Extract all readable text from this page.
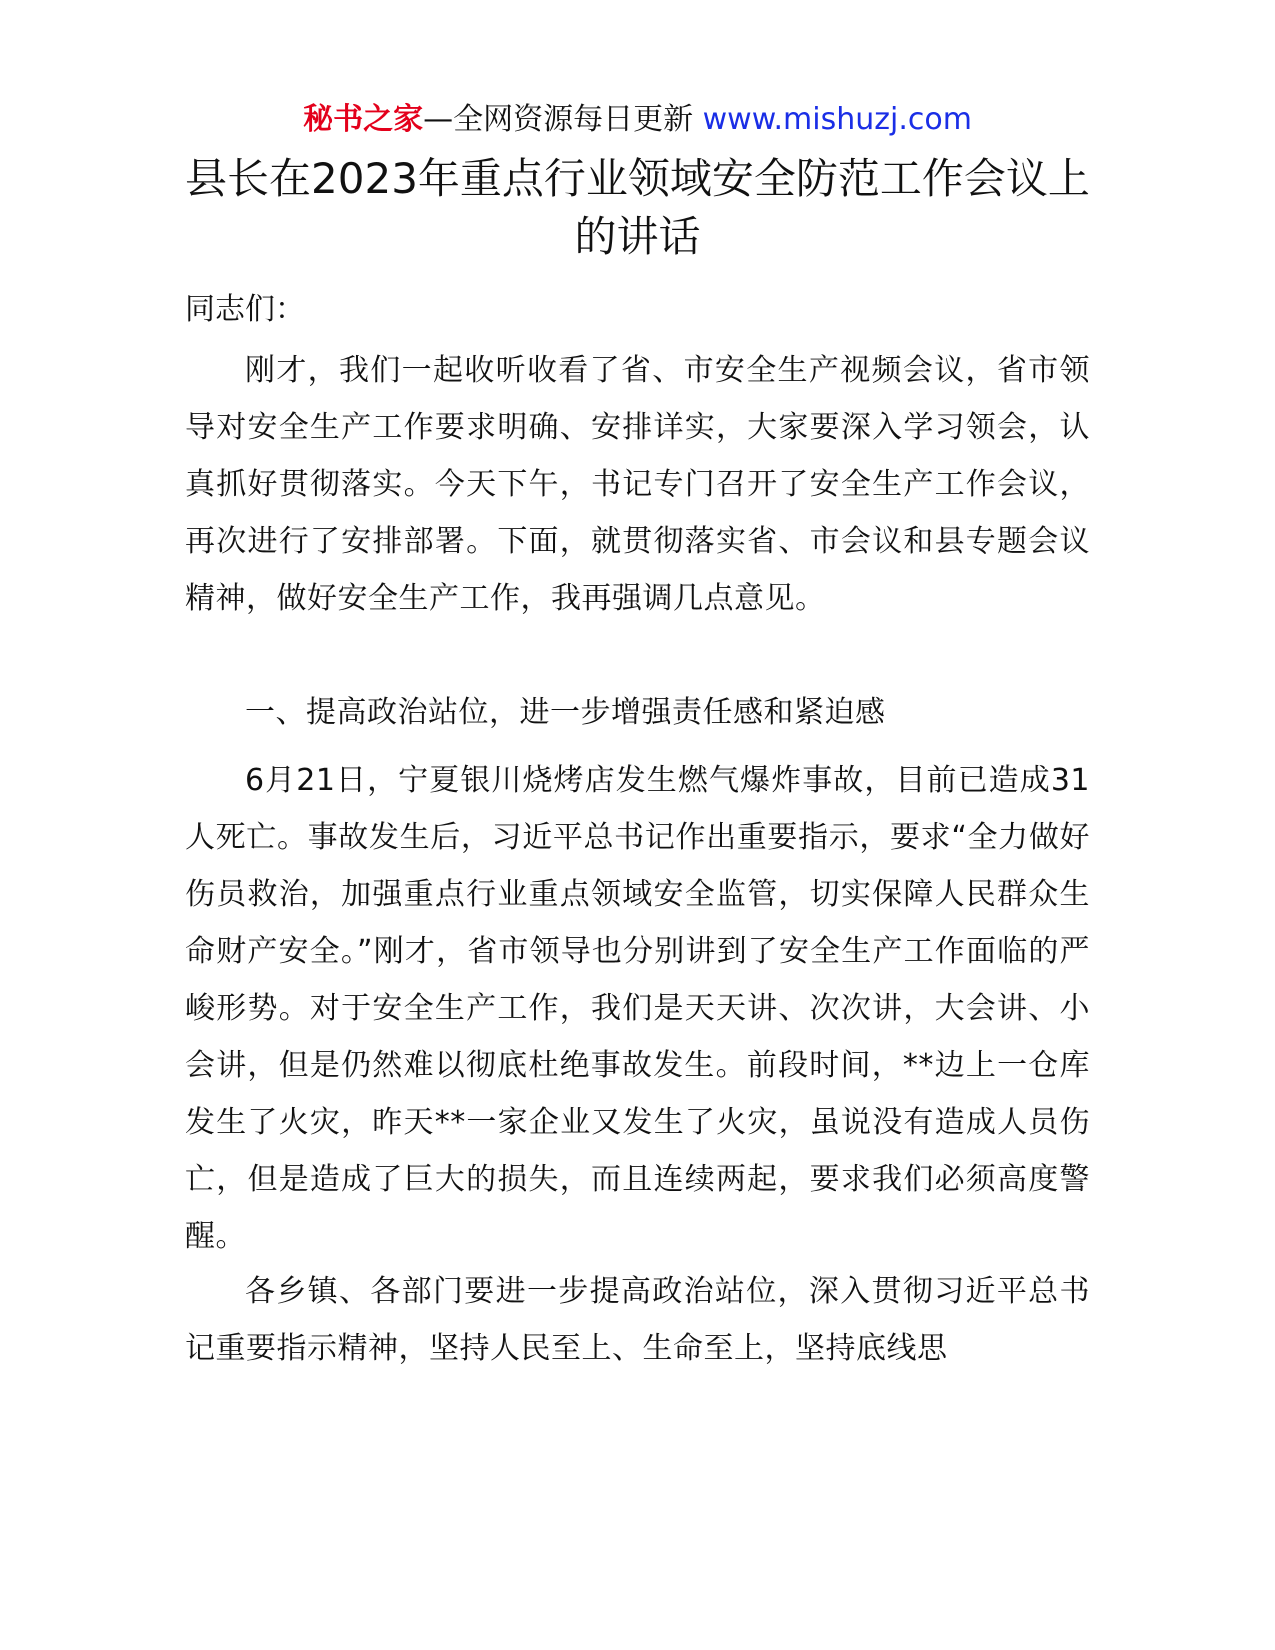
秘书之家—全网资源每日更新 www.mishuzj.com
县长在2023年重点行业领域安全防范工作会议上的讲话

同志们：

刚才，我们一起收听收看了省、市安全生产视频会议，省市领导对安全生产工作要求明确、安排详实，大家要深入学习领会，认真抓好贯彻落实。今天下午，书记专门召开了安全生产工作会议，再次进行了安排部署。下面，就贯彻落实省、市会议和县专题会议精神，做好安全生产工作，我再强调几点意见。

一、提高政治站位，进一步增强责任感和紧迫感

6月21日，宁夏银川烧烤店发生燃气爆炸事故，目前已造成31人死亡。事故发生后，习近平总书记作出重要指示，要求“全力做好伤员救治，加强重点行业重点领域安全监管，切实保障人民群众生命财产安全。”刚才，省市领导也分别讲到了安全生产工作面临的严峻形势。对于安全生产工作，我们是天天讲、次次讲，大会讲、小会讲，但是仍然难以彻底杜绝事故发生。前段时间，**边上一仓库发生了火灾，昨天**一家企业又发生了火灾，虽说没有造成人员伤亡，但是造成了巨大的损失，而且连续两起，要求我们必须高度警醒。

各乡镇、各部门要进一步提高政治站位，深入贯彻习近平总书记重要指示精神，坚持人民至上、生命至上，坚持底线思
